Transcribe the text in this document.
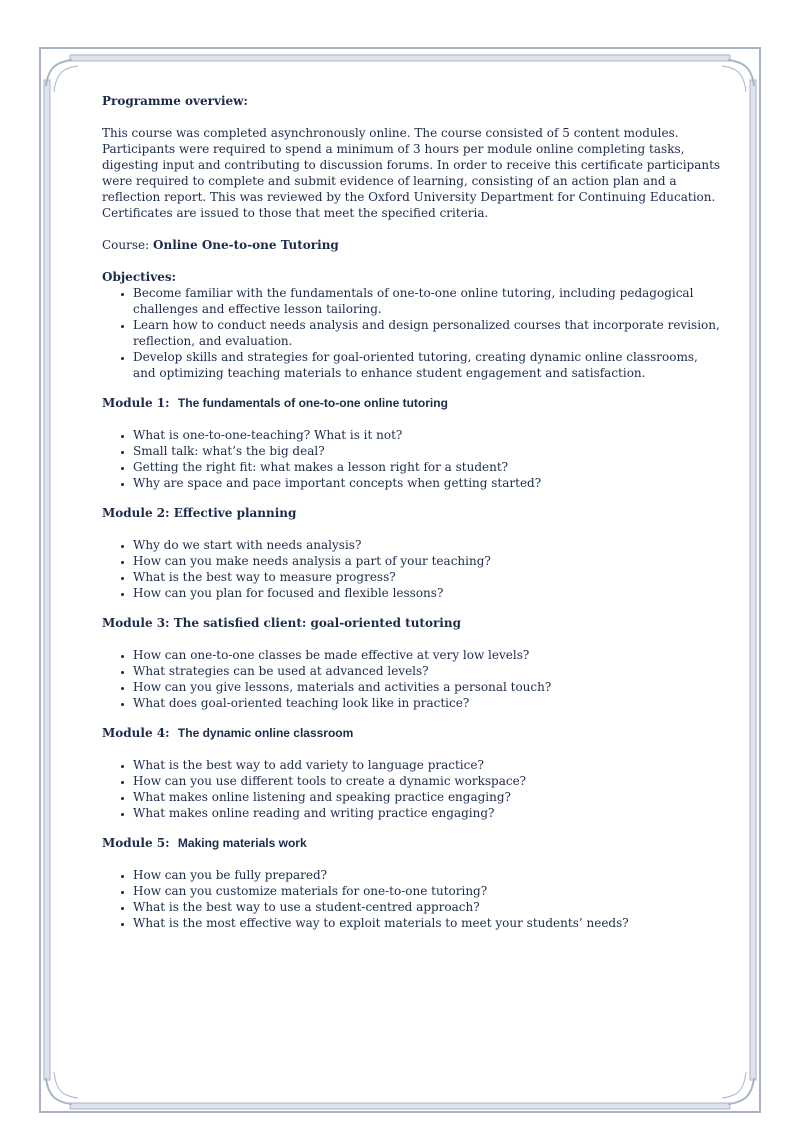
Programme overview:

This course was completed asynchronously online. The course consisted of 5 content modules. Participants were required to spend a minimum of 3 hours per module online completing tasks, digesting input and contributing to discussion forums. In order to receive this certificate participants were required to complete and submit evidence of learning, consisting of an action plan and a reflection report. This was reviewed by the Oxford University Department for Continuing Education. Certificates are issued to those that meet the specified criteria.

Course: Online One-to-one Tutoring

Objectives:

• Become familiar with the fundamentals of one-to-one online tutoring, including pedagogical challenges and effective lesson tailoring.
• Learn how to conduct needs analysis and design personalized courses that incorporate revision, reflection, and evaluation.
• Develop skills and strategies for goal-oriented tutoring, creating dynamic online classrooms, and optimizing teaching materials to enhance student engagement and satisfaction.

Module 1: The fundamentals of one-to-one online tutoring

• What is one-to-one-teaching? What is it not?
• Small talk: what’s the big deal?
• Getting the right fit: what makes a lesson right for a student?
• Why are space and pace important concepts when getting started?

Module 2: Effective planning

• Why do we start with needs analysis?
• How can you make needs analysis a part of your teaching?
• What is the best way to measure progress?
• How can you plan for focused and flexible lessons?

Module 3: The satisfied client: goal-oriented tutoring

• How can one-to-one classes be made effective at very low levels?
• What strategies can be used at advanced levels?
• How can you give lessons, materials and activities a personal touch?
• What does goal-oriented teaching look like in practice?

Module 4: The dynamic online classroom

• What is the best way to add variety to language practice?
• How can you use different tools to create a dynamic workspace?
• What makes online listening and speaking practice engaging?
• What makes online reading and writing practice engaging?

Module 5: Making materials work

• How can you be fully prepared?
• How can you customize materials for one-to-one tutoring?
• What is the best way to use a student-centred approach?
• What is the most effective way to exploit materials to meet your students’ needs?
